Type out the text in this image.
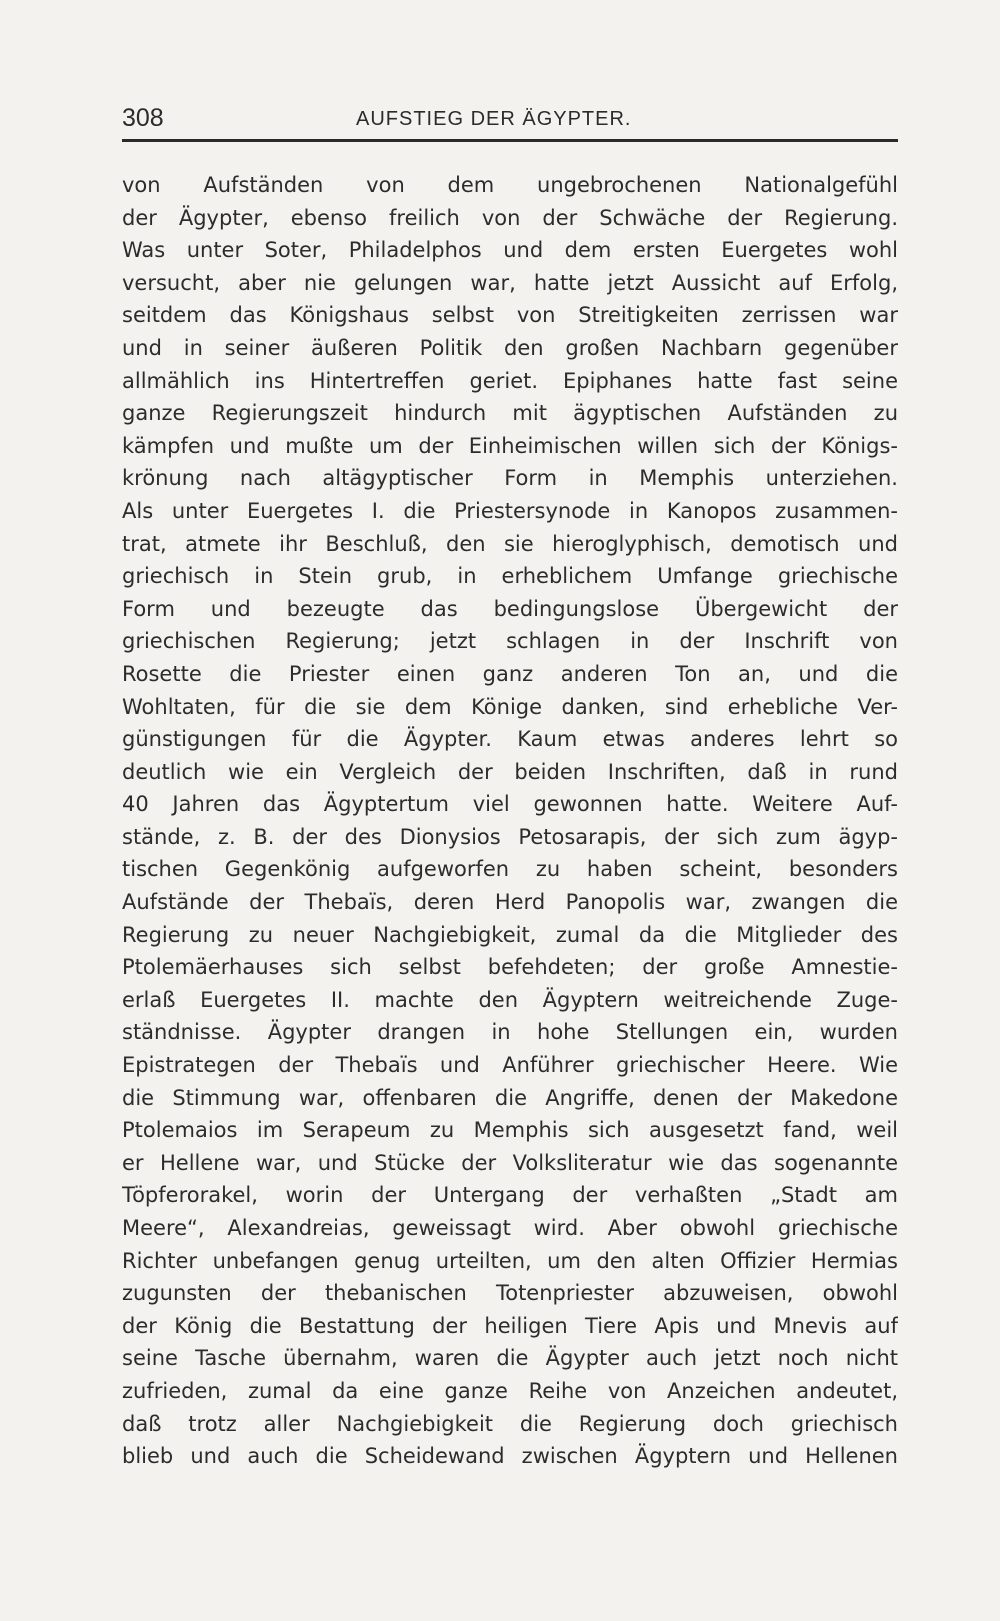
308	AUFSTIEG DER ÄGYPTER.
von Aufständen von dem ungebrochenen Nationalgefühl
der Ägypter, ebenso freilich von der Schwäche der Regierung.
Was unter Soter, Philadelphos und dem ersten Euergetes wohl
versucht, aber nie gelungen war, hatte jetzt Aussicht auf Erfolg,
seitdem das Königshaus selbst von Streitigkeiten zerrissen war
und in seiner äußeren Politik den großen Nachbarn gegenüber
allmählich ins Hintertreffen geriet. Epiphanes hatte fast seine
ganze Regierungszeit hindurch mit ägyptischen Aufständen zu
kämpfen und mußte um der Einheimischen willen sich der Königs-
krönung nach altägyptischer Form in Memphis unterziehen.
Als unter Euergetes I. die Priestersynode in Kanopos zusammen-
trat, atmete ihr Beschluß, den sie hieroglyphisch, demotisch und
griechisch in Stein grub, in erheblichem Umfange griechische
Form und bezeugte das bedingungslose Übergewicht der
griechischen Regierung; jetzt schlagen in der Inschrift von
Rosette die Priester einen ganz anderen Ton an, und die
Wohltaten, für die sie dem Könige danken, sind erhebliche Ver-
günstigungen für die Ägypter. Kaum etwas anderes lehrt so
deutlich wie ein Vergleich der beiden Inschriften, daß in rund
40 Jahren das Ägyptertum viel gewonnen hatte. Weitere Auf-
stände, z. B. der des Dionysios Petosarapis, der sich zum ägyp-
tischen Gegenkönig aufgeworfen zu haben scheint, besonders
Aufstände der Thebaïs, deren Herd Panopolis war, zwangen die
Regierung zu neuer Nachgiebigkeit, zumal da die Mitglieder des
Ptolemäerhauses sich selbst befehdeten; der große Amnestie-
erlaß Euergetes II. machte den Ägyptern weitreichende Zuge-
ständnisse. Ägypter drangen in hohe Stellungen ein, wurden
Epistrategen der Thebaïs und Anführer griechischer Heere. Wie
die Stimmung war, offenbaren die Angriffe, denen der Makedone
Ptolemaios im Serapeum zu Memphis sich ausgesetzt fand, weil
er Hellene war, und Stücke der Volksliteratur wie das sogenannte
Töpferorakel, worin der Untergang der verhaßten „Stadt am
Meere“, Alexandreias, geweissagt wird. Aber obwohl griechische
Richter unbefangen genug urteilten, um den alten Offizier Hermias
zugunsten der thebanischen Totenpriester abzuweisen, obwohl
der König die Bestattung der heiligen Tiere Apis und Mnevis auf
seine Tasche übernahm, waren die Ägypter auch jetzt noch nicht
zufrieden, zumal da eine ganze Reihe von Anzeichen andeutet,
daß trotz aller Nachgiebigkeit die Regierung doch griechisch
blieb und auch die Scheidewand zwischen Ägyptern und Hellenen
